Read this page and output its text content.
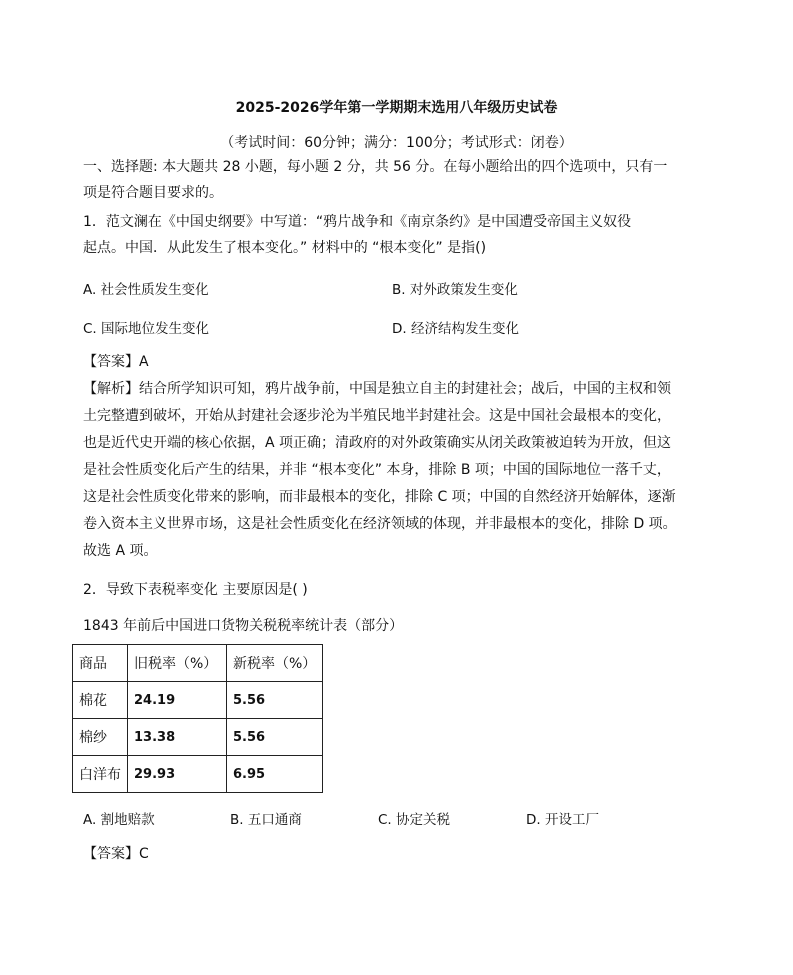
2025-2026学年第一学期期末选用八年级历史试卷
（考试时间：60分钟；满分：100分；考试形式：闭卷）
一、选择题: 本大题共 28 小题，每小题 2 分，共 56 分。在每小题给出的四个选项中，只有一
项是符合题目要求的。
1．范文澜在《中国史纲要》中写道：“鸦片战争和《南京条约》是中国遭受帝国主义奴役
起点。中国．从此发生了根本变化。” 材料中的 “根本变化” 是指()
A. 社会性质发生变化	B. 对外政策发生变化
C. 国际地位发生变化	D. 经济结构发生变化
【答案】A
【解析】结合所学知识可知，鸦片战争前，中国是独立自主的封建社会；战后，中国的主权和领
土完整遭到破坏，开始从封建社会逐步沦为半殖民地半封建社会。这是中国社会最根本的变化，
也是近代史开端的核心依据，A 项正确；清政府的对外政策确实从闭关政策被迫转为开放，但这
是社会性质变化后产生的结果，并非 “根本变化” 本身，排除 B 项；中国的国际地位一落千丈，
这是社会性质变化带来的影响，而非最根本的变化，排除 C 项；中国的自然经济开始解体，逐渐
卷入资本主义世界市场，这是社会性质变化在经济领域的体现，并非最根本的变化，排除 D 项。
故选 A 项。
2．导致下表税率变化 主要原因是( )
1843 年前后中国进口货物关税税率统计表（部分）
商品	旧税率（%）	新税率（%）
棉花	24.19	5.56
棉纱	13.38	5.56
白洋布	29.93	6.95
A. 割地赔款	B. 五口通商	C. 协定关税	D. 开设工厂
【答案】C
